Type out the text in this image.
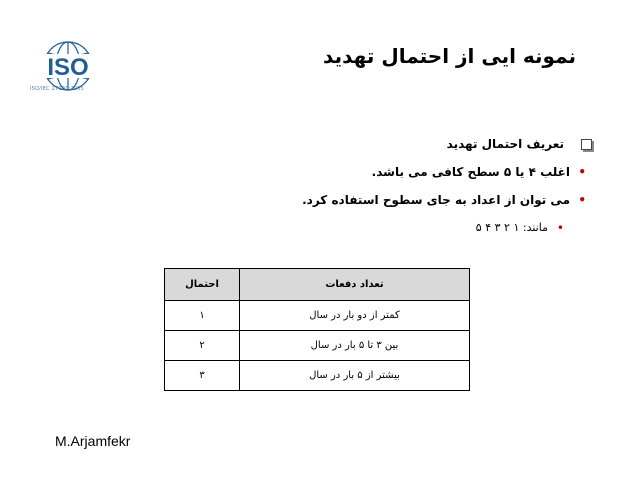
ISO
ISO/IEC 27001:2005
نمونه ایی از احتمال تهدید
تعریف احتمال تهدید
•
اغلب ۴ یا ۵ سطح کافی می باشد.
•
می توان از اعداد به جای سطوح استفاده کرد.
•
مانند: ۱ ۲ ۳ ۴ ۵
تعداد دفعات	احتمال
کمتر از دو بار در سال	۱
بین ۳ تا ۵ بار در سال	۲
بیشتر از ۵ بار در سال	۳
M.Arjamfekr
